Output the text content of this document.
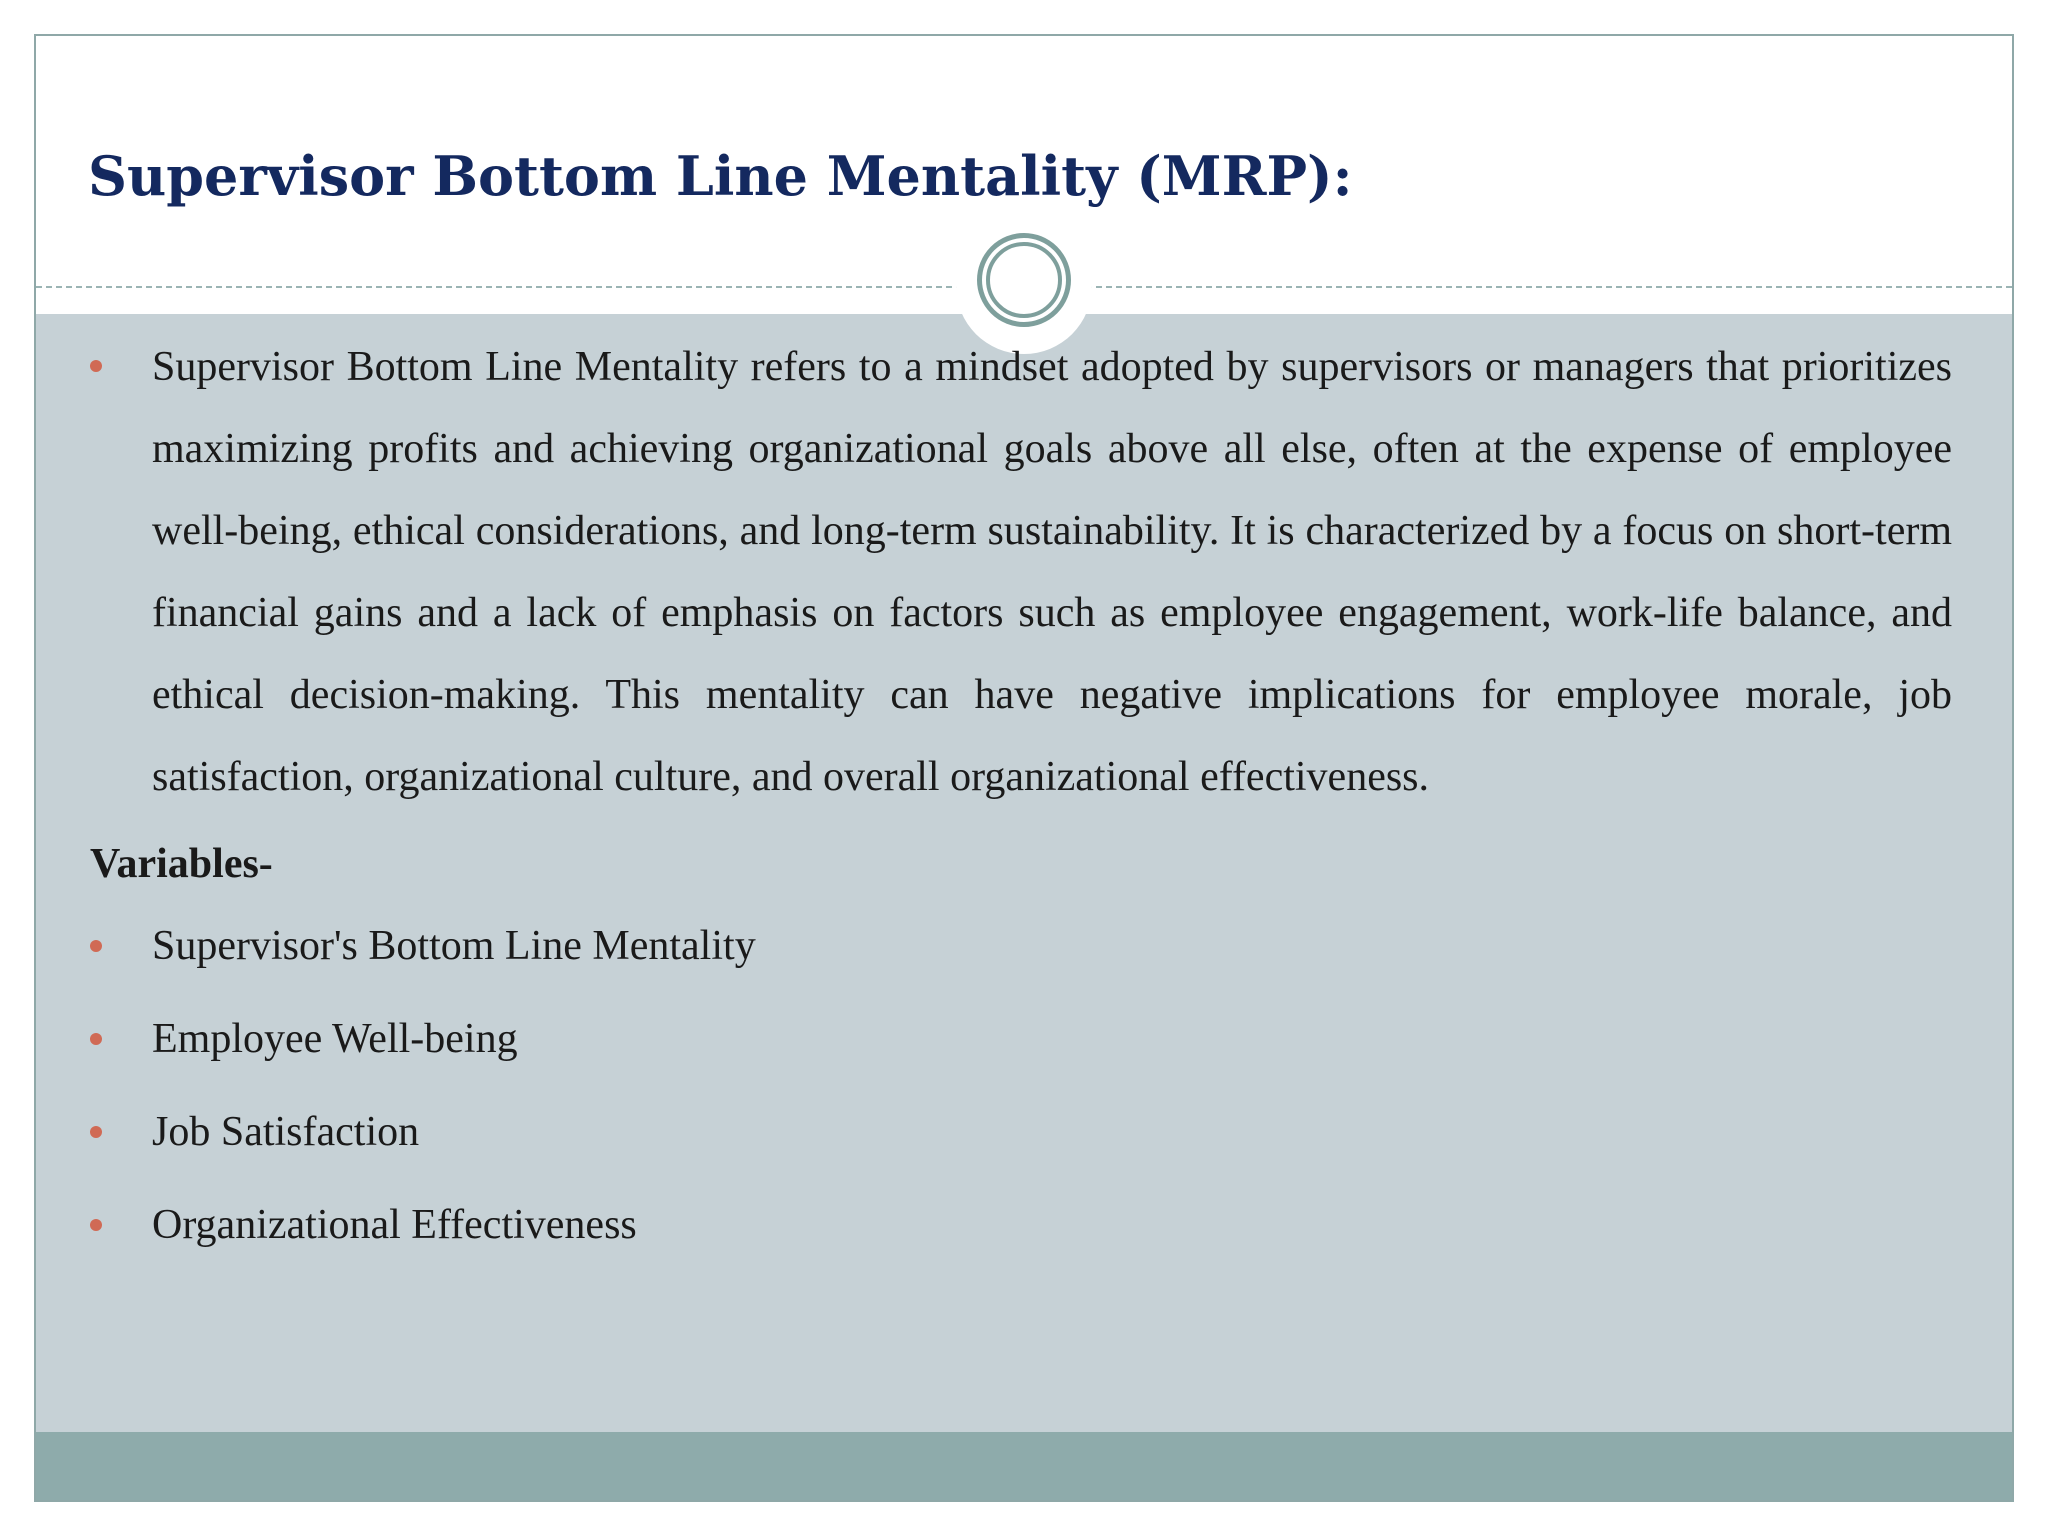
Supervisor Bottom Line Mentality (MRP):

Supervisor Bottom Line Mentality refers to a mindset adopted by supervisors or managers that prioritizes maximizing profits and achieving organizational goals above all else, often at the expense of employee well-being, ethical considerations, and long-term sustainability. It is characterized by a focus on short-term financial gains and a lack of emphasis on factors such as employee engagement, work-life balance, and ethical decision-making. This mentality can have negative implications for employee morale, job satisfaction, organizational culture, and overall organizational effectiveness.

Variables-
Supervisor's Bottom Line Mentality
Employee Well-being
Job Satisfaction
Organizational Effectiveness
